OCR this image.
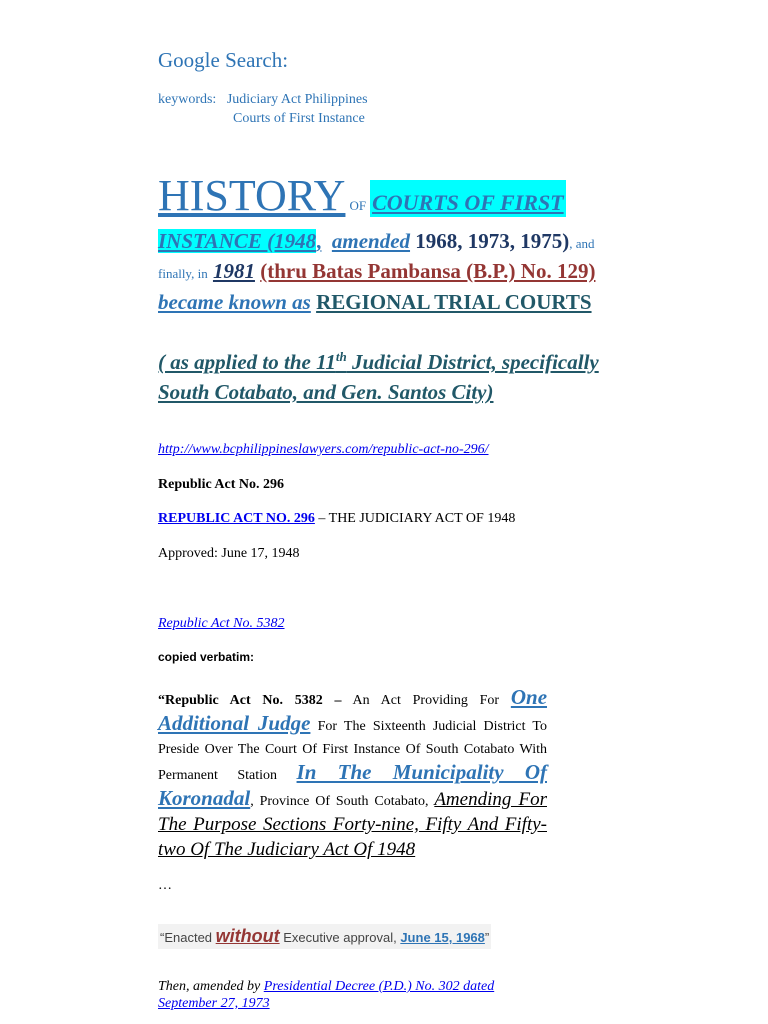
Google Search:
keywords: Judiciary Act Philippines
Courts of First Instance
HISTORY OF COURTS OF FIRST
INSTANCE (1948, amended 1968, 1973, 1975), and
finally, in 1981 (thru Batas Pambansa (B.P.) No. 129)
became known as REGIONAL TRIAL COURTS
( as applied to the 11th Judicial District, specifically
South Cotabato, and Gen. Santos City)
http://www.bcphilippineslawyers.com/republic-act-no-296/
Republic Act No. 296
REPUBLIC ACT NO. 296 – THE JUDICIARY ACT OF 1948
Approved: June 17, 1948
Republic Act No. 5382
copied verbatim:
“Republic Act No. 5382 – An Act Providing For One Additional Judge For The Sixteenth Judicial District To Preside Over The Court Of First Instance Of South Cotabato With Permanent Station In The Municipality Of Koronadal, Province Of South Cotabato, Amending For The Purpose Sections Forty-nine, Fifty And Fifty-two Of The Judiciary Act Of 1948
…
“Enacted without Executive approval, June 15, 1968”
Then, amended by Presidential Decree (P.D.) No. 302 dated
September 27, 1973
